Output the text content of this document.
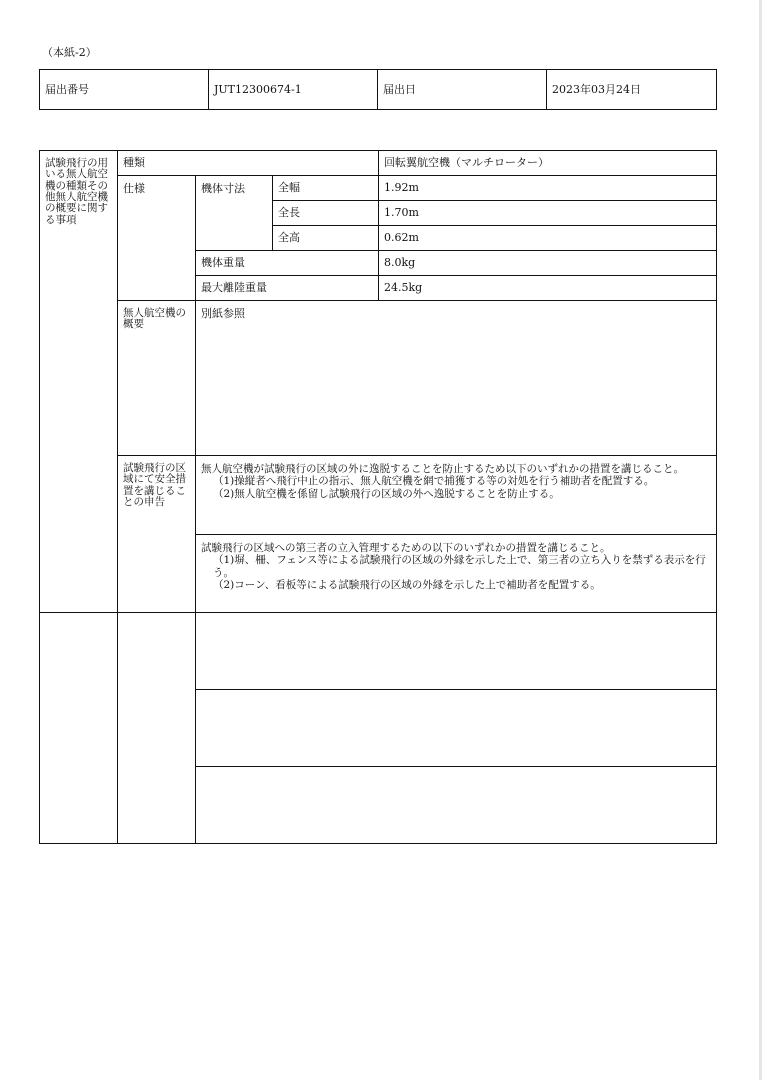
（本紙-2）
届出番号	JUT12300674-1	届出日	2023年03月24日
試験飛行の用いる無人航空機の種類その他無人航空機の概要に関する事項	種類			回転翼航空機（マルチローター）
	仕様	機体寸法	全幅	1.92m
			全長	1.70m
			全高	0.62m
		機体重量		8.0kg
		最大離陸重量		24.5kg
	無人航空機の概要	別紙参照		
	試験飛行の区域にて安全措置を講じることの申告	無人航空機が試験飛行の区域の外に逸脱することを防止するため以下のいずれかの措置を講じること。
（1)操縦者へ飛行中止の指示、無人航空機を網で捕獲する等の対処を行う補助者を配置する。
（2)無人航空機を係留し試験飛行の区域の外へ逸脱することを防止する。		

		試験飛行の区域への第三者の立入管理するための以下のいずれかの措置を講じること。
（1)塀、柵、フェンス等による試験飛行の区域の外縁を示した上で、第三者の立ち入りを禁ずる表示を行う。
（2)コーン、看板等による試験飛行の区域の外縁を示した上で補助者を配置する。		
